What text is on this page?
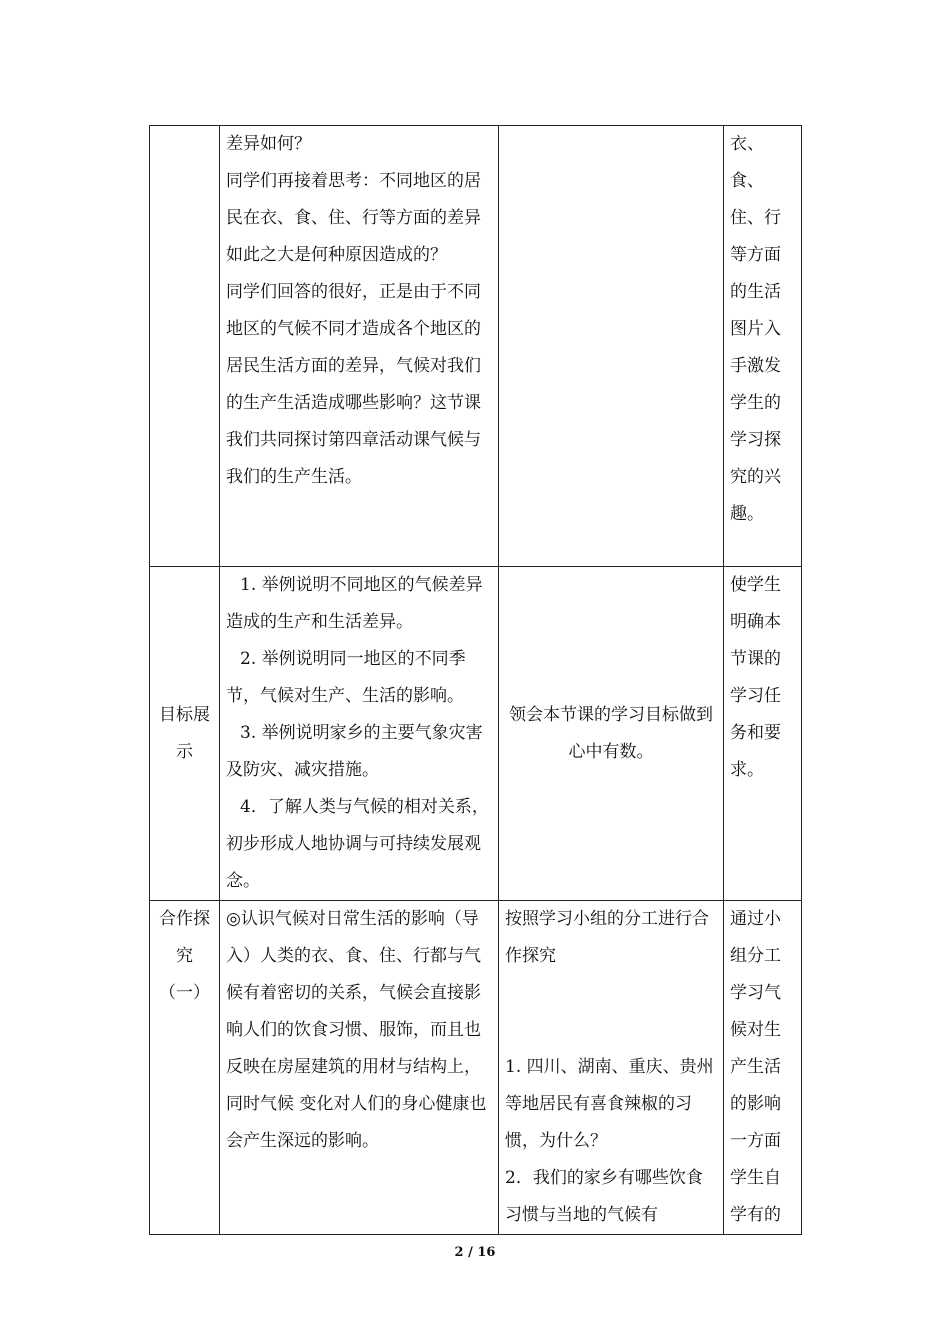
	差异如何？
同学们再接着思考：不同地区的居民在衣、食、住、行等方面的差异如此之大是何种原因造成的？
同学们回答的很好，正是由于不同地区的气候不同才造成各个地区的居民生活方面的差异，气候对我们的生产生活造成哪些影响？这节课我们共同探讨第四章活动课气候与我们的生产生活。		衣、食、住、行等方面的生活图片入手激发学生的学习探究的兴趣。
目标展示	1. 举例说明不同地区的气候差异造成的生产和生活差异。
2. 举例说明同一地区的不同季节，气候对生产、生活的影响。
3. 举例说明家乡的主要气象灾害及防灾、减灾措施。
4．了解人类与气候的相对关系，初步形成人地协调与可持续发展观念。	领会本节课的学习目标做到心中有数。	使学生明确本节课的学习任务和要求。
合作探究（一）	◎认识气候对日常生活的影响（导入）人类的衣、食、住、行都与气候有着密切的关系，气候会直接影响人们的饮食习惯、服饰，而且也反映在房屋建筑的用材与结构上，同时气候 变化对人们的身心健康也会产生深远的影响。	按照学习小组的分工进行合作探究
1. 四川、湖南、重庆、贵州等地居民有喜食辣椒的习惯，为什么？
2．我们的家乡有哪些饮食习惯与当地的气候有	通过小组分工学习气候对生产生活的影响一方面学生自学有的
2 / 16
